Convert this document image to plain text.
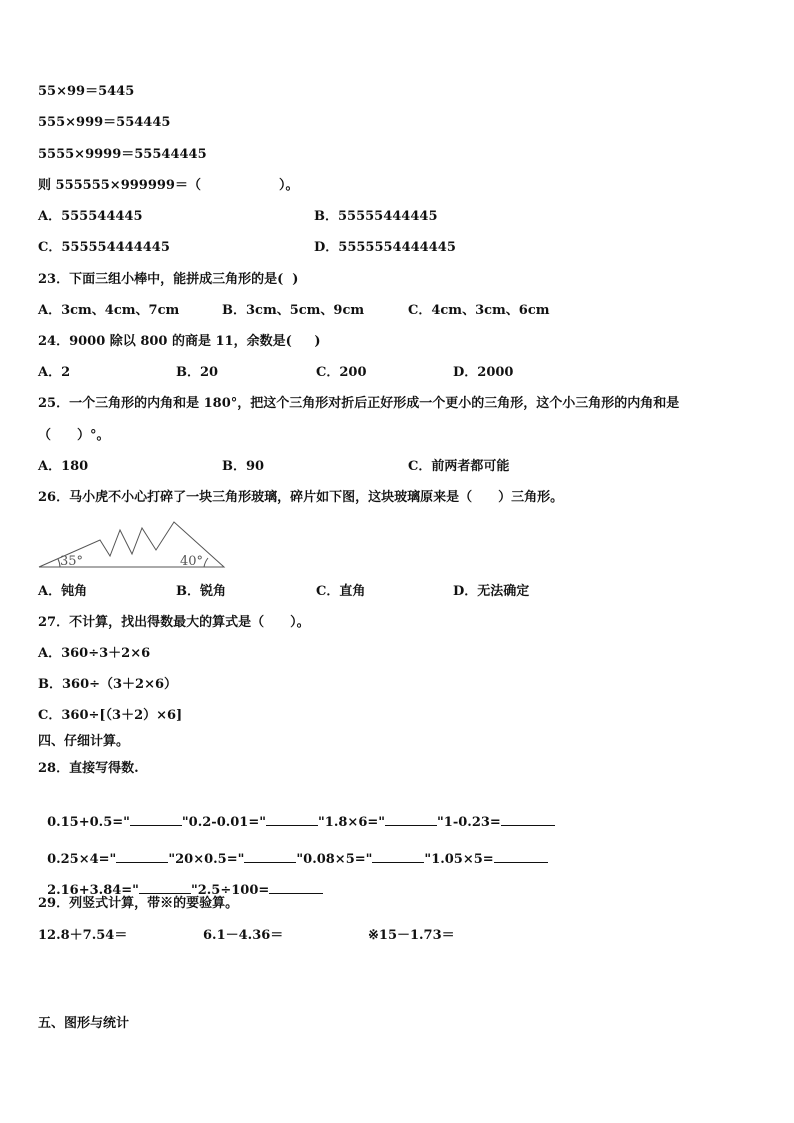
55×99＝5445
555×999＝554445
5555×9999＝55544445
则 555555×999999＝（　　　　　　）。
A．555544445	B．55555444445
C．555554444445	D．5555554444445
23．下面三组小棒中，能拼成三角形的是(  )
A．3cm、4cm、7cm	B．3cm、5cm、9cm	C．4cm、3cm、6cm
24．9000 除以 800 的商是 11，余数是(     )
A．2	B．20	C．200	D．2000
25．一个三角形的内角和是 180°，把这个三角形对折后正好形成一个更小的三角形，这个小三角形的内角和是
（　　）°。
A．180	B．90	C．前两者都可能
26．马小虎不小心打碎了一块三角形玻璃，碎片如下图，这块玻璃原来是（　　）三角形。
35°	40°
A．钝角	B．锐角	C．直角	D．无法确定
27．不计算，找出得数最大的算式是（　　）。
A．360÷3＋2×6
B．360÷（3＋2×6）
C．360÷[（3＋2）×6]
四、仔细计算。
28．直接写得数.

0.15+0.5="	"0.2-0.01="	"1.8×6="	"1-0.23=

0.25×4="	"20×0.5="	"0.08×5="	"1.05×5=

2.16+3.84="	"2.5÷100=

29．列竖式计算，带※的要验算。
12.8＋7.54＝	6.1－4.36＝	※15－1.73＝
五、图形与统计
